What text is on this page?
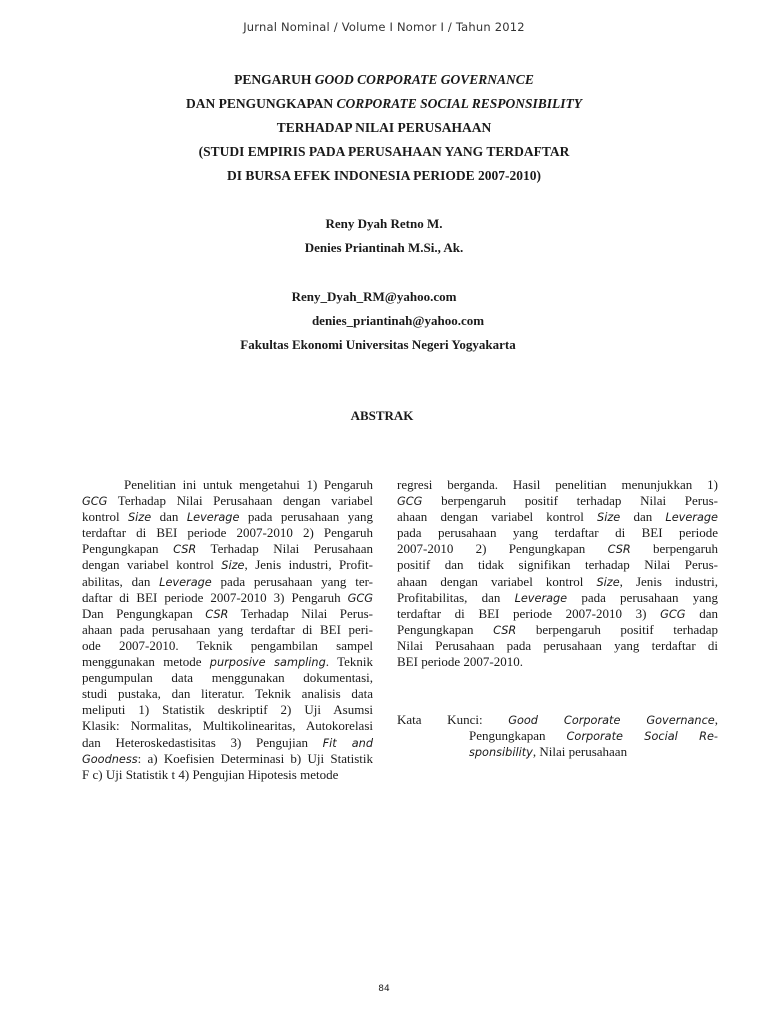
Jurnal Nominal / Volume I Nomor I / Tahun 2012
PENGARUH GOOD CORPORATE GOVERNANCE
DAN PENGUNGKAPAN CORPORATE SOCIAL RESPONSIBILITY
TERHADAP NILAI PERUSAHAAN
(STUDI EMPIRIS PADA PERUSAHAAN YANG TERDAFTAR
DI BURSA EFEK INDONESIA PERIODE 2007-2010)

Reny Dyah Retno M.
Denies Priantinah M.Si., Ak.
Reny_Dyah_RM@yahoo.com
denies_priantinah@yahoo.com
Fakultas Ekonomi Universitas Negeri Yogyakarta
ABSTRAK
Penelitian ini untuk mengetahui 1) Pengaruh
GCG Terhadap Nilai Perusahaan dengan variabel
kontrol Size dan Leverage pada perusahaan yang
terdaftar di BEI periode 2007-2010 2) Pengaruh
Pengungkapan CSR Terhadap Nilai Perusahaan
dengan variabel kontrol Size, Jenis industri, Profit-
abilitas, dan Leverage pada perusahaan yang ter-
daftar di BEI periode 2007-2010 3) Pengaruh GCG
Dan Pengungkapan CSR Terhadap Nilai Perus-
ahaan pada perusahaan yang terdaftar di BEI peri-
ode 2007-2010. Teknik pengambilan sampel
menggunakan metode purposive sampling. Teknik
pengumpulan data menggunakan dokumentasi,
studi pustaka, dan literatur. Teknik analisis data
meliputi 1) Statistik deskriptif 2) Uji Asumsi
Klasik: Normalitas, Multikolinearitas, Autokorelasi
dan Heteroskedastisitas 3) Pengujian Fit and
Goodness: a) Koefisien Determinasi b) Uji Statistik
F c) Uji Statistik t 4) Pengujian Hipotesis metode
regresi berganda. Hasil penelitian menunjukkan 1)
GCG berpengaruh positif terhadap Nilai Perus-
ahaan dengan variabel kontrol Size dan Leverage
pada perusahaan yang terdaftar di BEI periode
2007-2010 2) Pengungkapan CSR berpengaruh
positif dan tidak signifikan terhadap Nilai Perus-
ahaan dengan variabel kontrol Size, Jenis industri,
Profitabilitas, dan Leverage pada perusahaan yang
terdaftar di BEI periode 2007-2010 3) GCG dan
Pengungkapan CSR berpengaruh positif terhadap
Nilai Perusahaan pada perusahaan yang terdaftar di
BEI periode 2007-2010.
Kata Kunci: Good Corporate Governance,
Pengungkapan Corporate Social Re-
sponsibility, Nilai perusahaan
84
